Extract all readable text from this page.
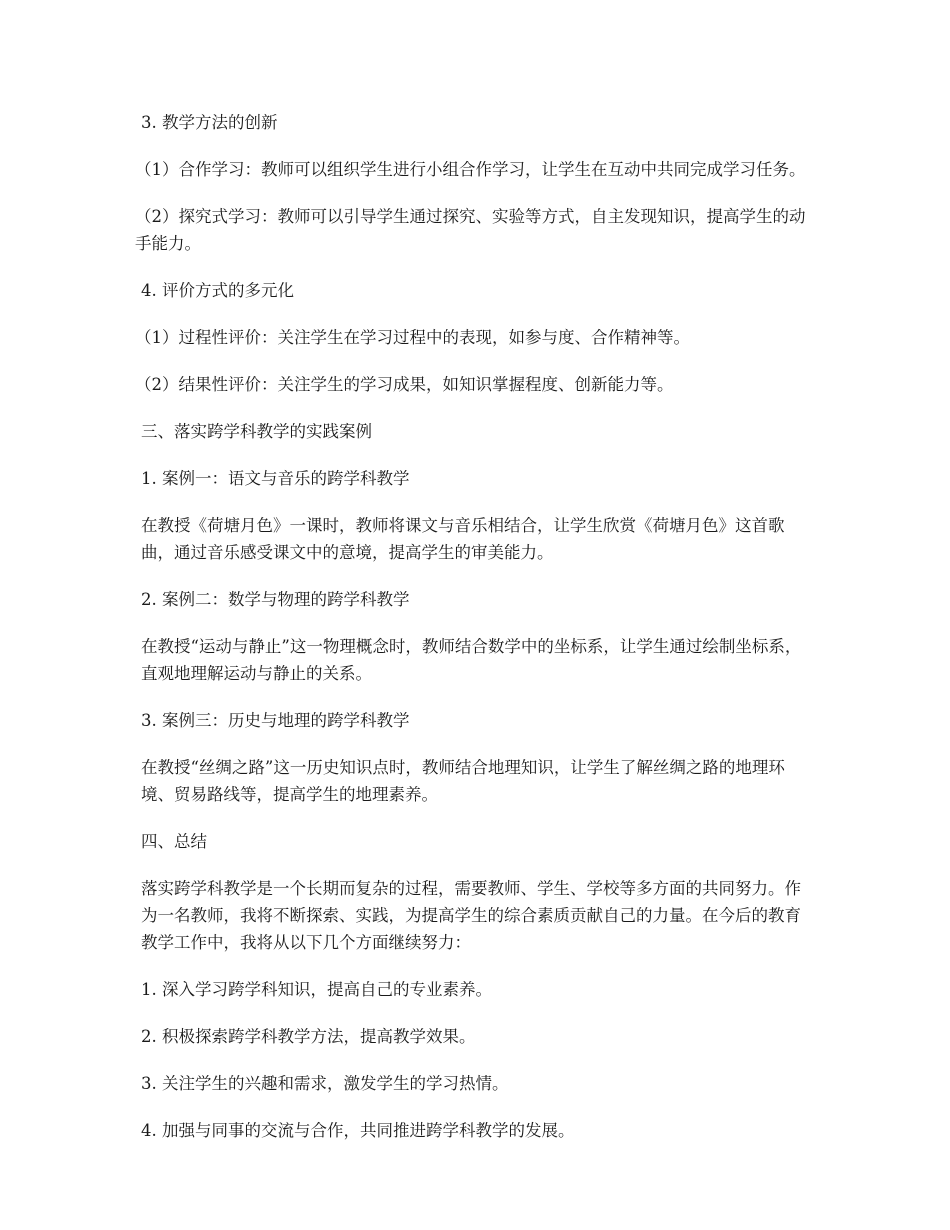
3. 教学方法的创新

（1）合作学习：教师可以组织学生进行小组合作学习，让学生在互动中共同完成学习任务。

（2）探究式学习：教师可以引导学生通过探究、实验等方式，自主发现知识，提高学生的动手能力。

4. 评价方式的多元化

（1）过程性评价：关注学生在学习过程中的表现，如参与度、合作精神等。

（2）结果性评价：关注学生的学习成果，如知识掌握程度、创新能力等。

三、落实跨学科教学的实践案例

1. 案例一：语文与音乐的跨学科教学

在教授《荷塘月色》一课时，教师将课文与音乐相结合，让学生欣赏《荷塘月色》这首歌曲，通过音乐感受课文中的意境，提高学生的审美能力。

2. 案例二：数学与物理的跨学科教学

在教授“运动与静止”这一物理概念时，教师结合数学中的坐标系，让学生通过绘制坐标系，直观地理解运动与静止的关系。

3. 案例三：历史与地理的跨学科教学

在教授“丝绸之路”这一历史知识点时，教师结合地理知识，让学生了解丝绸之路的地理环境、贸易路线等，提高学生的地理素养。

四、总结

落实跨学科教学是一个长期而复杂的过程，需要教师、学生、学校等多方面的共同努力。作为一名教师，我将不断探索、实践，为提高学生的综合素质贡献自己的力量。在今后的教育教学工作中，我将从以下几个方面继续努力：

1. 深入学习跨学科知识，提高自己的专业素养。

2. 积极探索跨学科教学方法，提高教学效果。

3. 关注学生的兴趣和需求，激发学生的学习热情。

4. 加强与同事的交流与合作，共同推进跨学科教学的发展。
